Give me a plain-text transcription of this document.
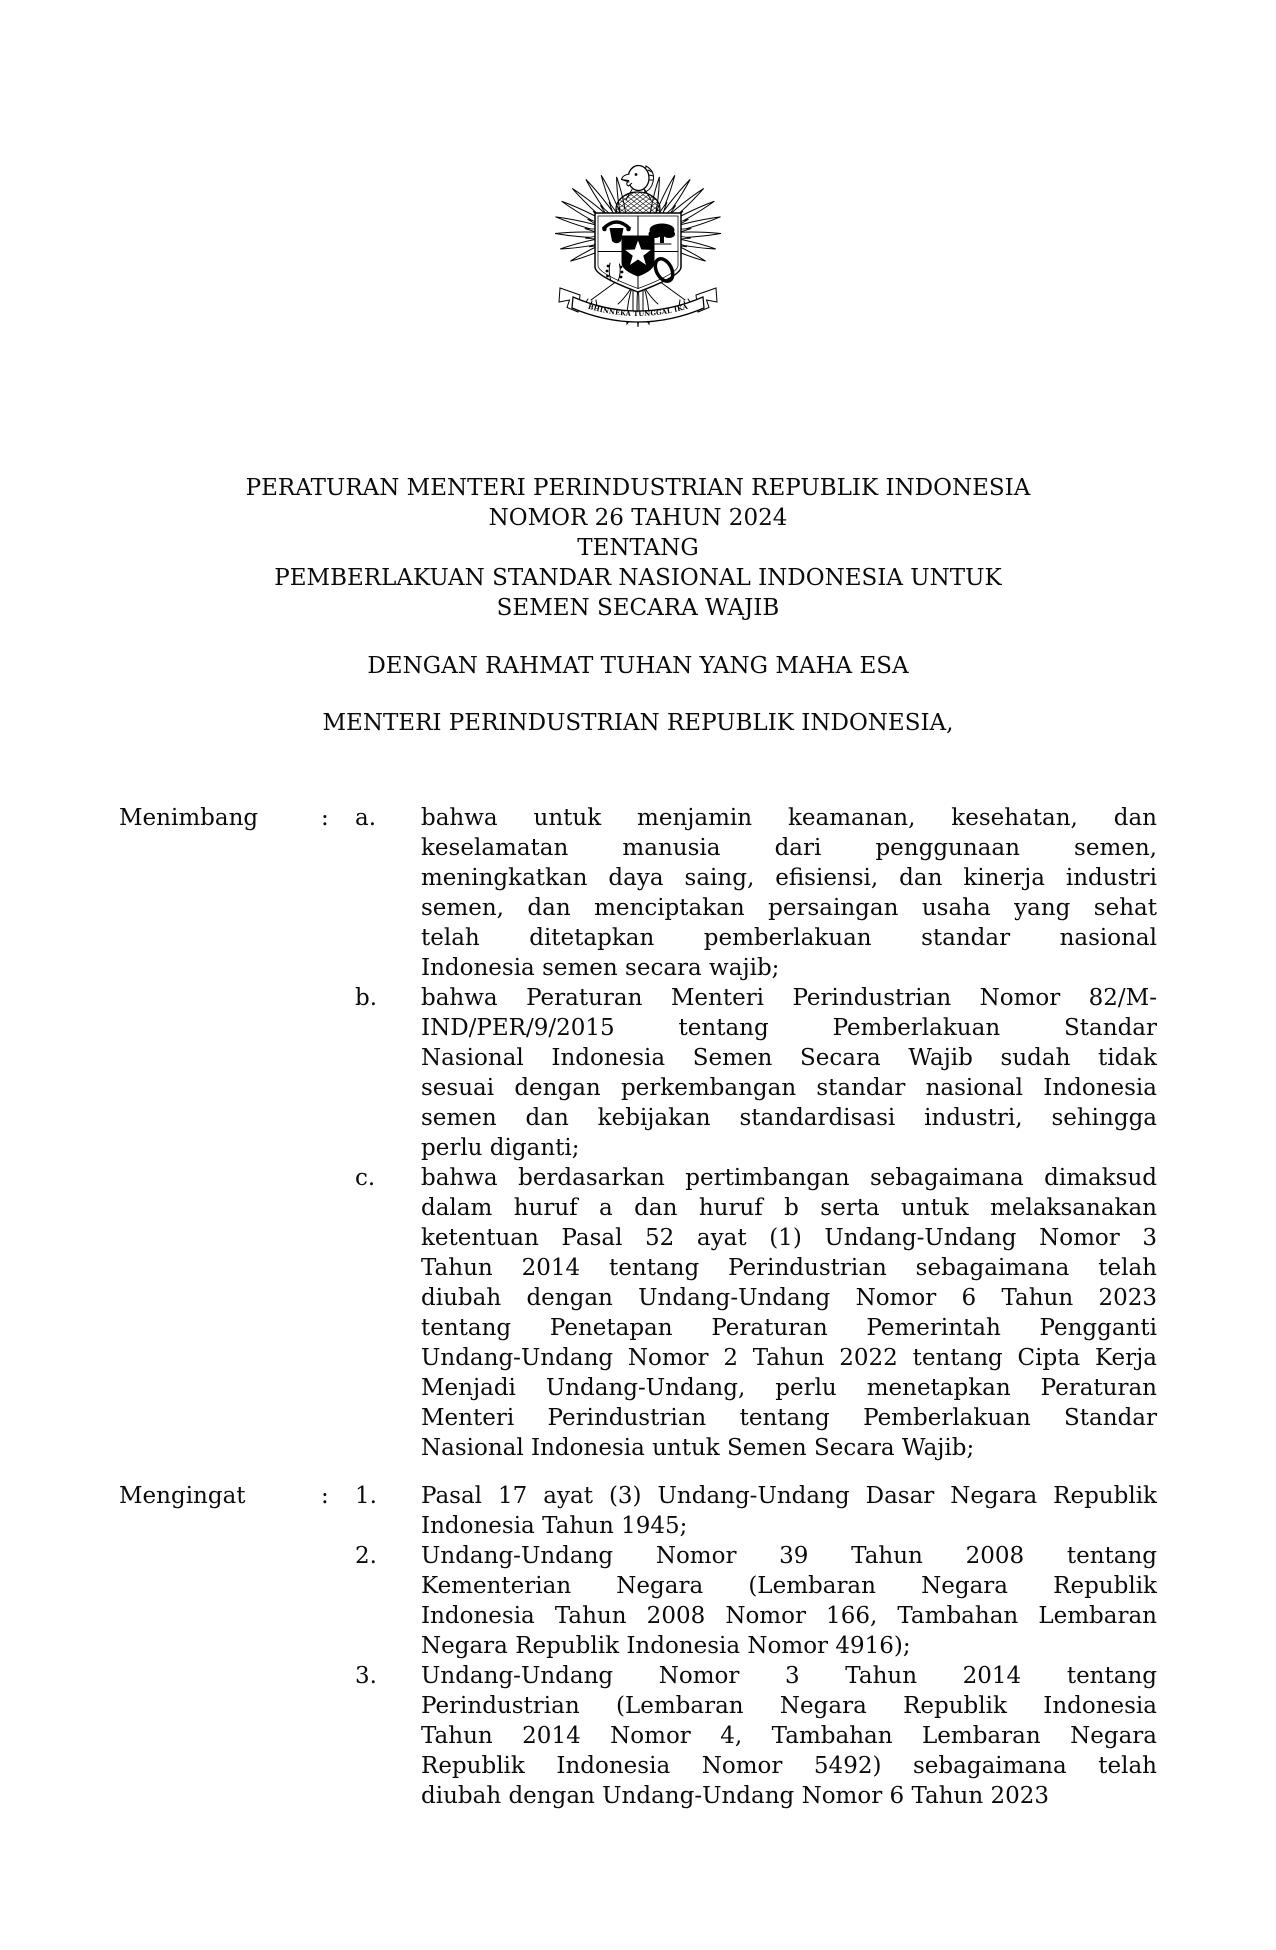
BHINNEKA TUNGGAL IKA
PERATURAN MENTERI PERINDUSTRIAN REPUBLIK INDONESIA
NOMOR 26 TAHUN 2024
TENTANG
PEMBERLAKUAN STANDAR NASIONAL INDONESIA UNTUK
SEMEN SECARA WAJIB
DENGAN RAHMAT TUHAN YANG MAHA ESA
MENTERI PERINDUSTRIAN REPUBLIK INDONESIA,
Menimbang	:	a.	bahwa untuk menjamin keamanan, kesehatan, dan
keselamatan manusia dari penggunaan semen,
meningkatkan daya saing, efisiensi, dan kinerja industri
semen, dan menciptakan persaingan usaha yang sehat
telah ditetapkan pemberlakuan standar nasional
Indonesia semen secara wajib;
b.	bahwa Peraturan Menteri Perindustrian Nomor 82/M-
IND/PER/9/2015 tentang Pemberlakuan Standar
Nasional Indonesia Semen Secara Wajib sudah tidak
sesuai dengan perkembangan standar nasional Indonesia
semen dan kebijakan standardisasi industri, sehingga
perlu diganti;
c.	bahwa berdasarkan pertimbangan sebagaimana dimaksud
dalam huruf a dan huruf b serta untuk melaksanakan
ketentuan Pasal 52 ayat (1) Undang-Undang Nomor 3
Tahun 2014 tentang Perindustrian sebagaimana telah
diubah dengan Undang-Undang Nomor 6 Tahun 2023
tentang Penetapan Peraturan Pemerintah Pengganti
Undang-Undang Nomor 2 Tahun 2022 tentang Cipta Kerja
Menjadi Undang-Undang, perlu menetapkan Peraturan
Menteri Perindustrian tentang Pemberlakuan Standar
Nasional Indonesia untuk Semen Secara Wajib;
Mengingat	:	1.	Pasal 17 ayat (3) Undang-Undang Dasar Negara Republik
Indonesia Tahun 1945;
2.	Undang-Undang Nomor 39 Tahun 2008 tentang
Kementerian Negara (Lembaran Negara Republik
Indonesia Tahun 2008 Nomor 166, Tambahan Lembaran
Negara Republik Indonesia Nomor 4916);
3.	Undang-Undang Nomor 3 Tahun 2014 tentang
Perindustrian (Lembaran Negara Republik Indonesia
Tahun 2014 Nomor 4, Tambahan Lembaran Negara
Republik Indonesia Nomor 5492) sebagaimana telah
diubah dengan Undang-Undang Nomor 6 Tahun 2023
